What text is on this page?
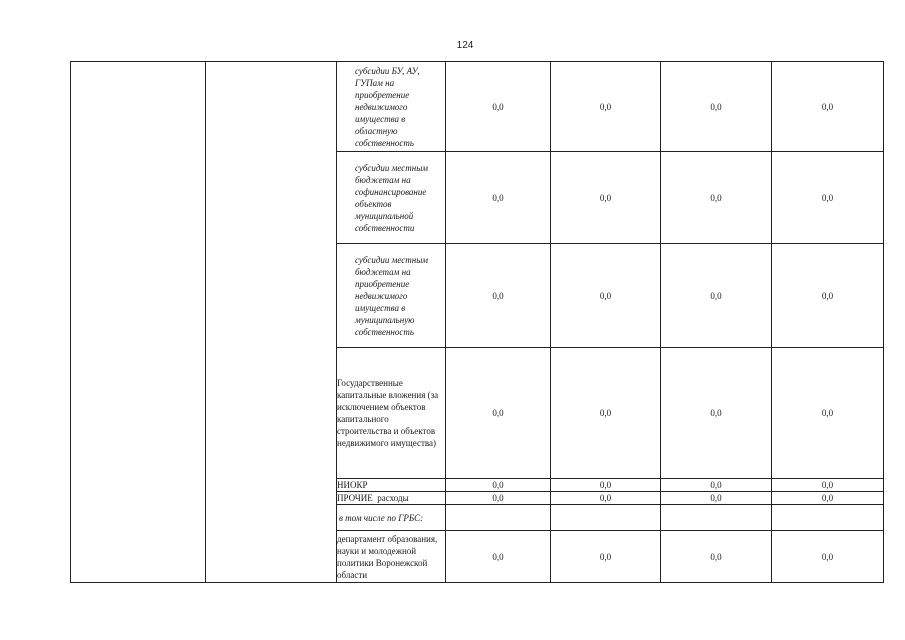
124
		субсидии БУ, АУ, ГУПам на приобретение недвижимого имущества в областную собственность	0,0	0,0	0,0	0,0
		субсидии местным бюджетам на софинансирование объектов муниципальной собственности	0,0	0,0	0,0	0,0
		субсидии местным бюджетам на приобретение недвижимого имущества в муниципальную собственность	0,0	0,0	0,0	0,0
		Государственные капитальные вложения (за исключением объектов капитального строительства и объектов недвижимого имущества)	0,0	0,0	0,0	0,0
		НИОКР	0,0	0,0	0,0	0,0
		ПРОЧИЕ  расходы	0,0	0,0	0,0	0,0
		в том числе по ГРБС:				
		департамент образования, науки и молодежной политики Воронежской области	0,0	0,0	0,0	0,0
